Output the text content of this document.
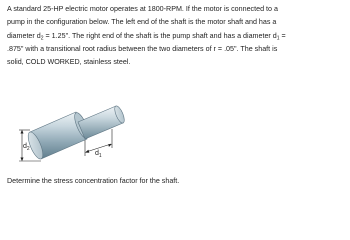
A standard 25-HP electric motor operates at 1800-RPM. If the motor is connected to a
pump in the configuration below. The left end of the shaft is the motor shaft and has a
diameter $d_2 = 1.25$". The right end of the shaft is the pump shaft and has a diameter $d_1$ =
.875" with a transitional root radius between the two diameters of r = .05". The shaft is
solid, COLD WORKED, stainless steel.
$d_2$
$d_1$
Determine the stress concentration factor for the shaft.
